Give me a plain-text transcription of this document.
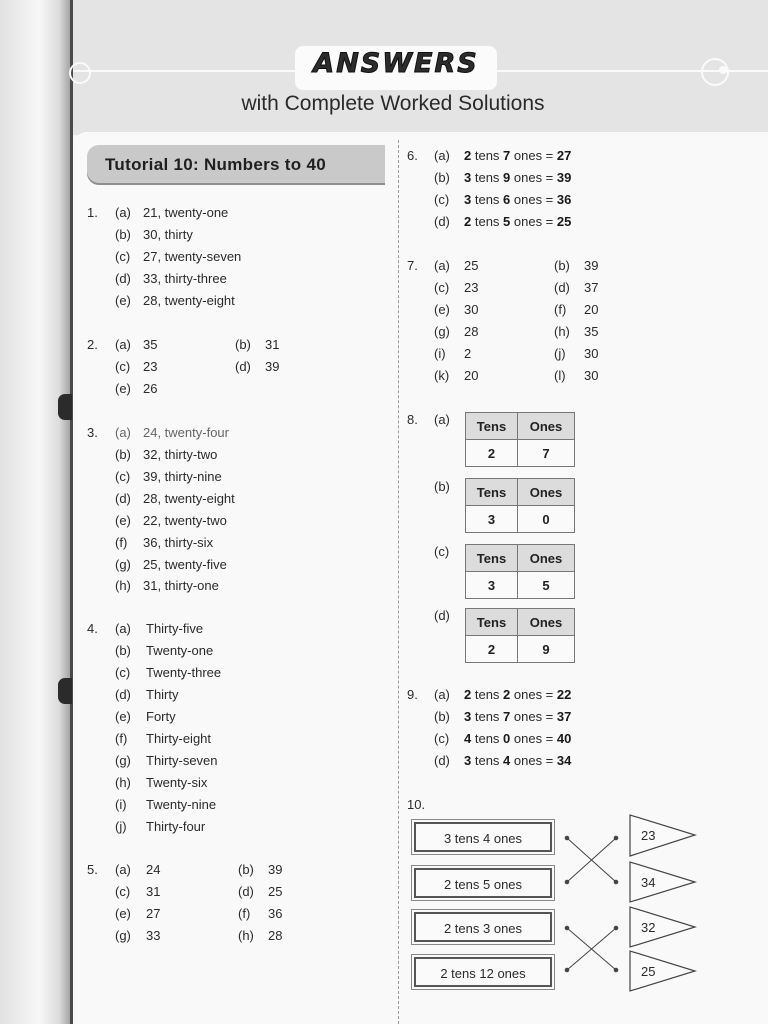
ANSWERS
with Complete Worked Solutions
Tutorial 10: Numbers to 40
1. (a) 21, twenty-one
(b) 30, thirty
(c) 27, twenty-seven
(d) 33, thirty-three
(e) 28, twenty-eight
2. (a) 35	(b) 31
(c) 23	(d) 39
(e) 26
3. (a) 24, twenty-four
(b) 32, thirty-two
(c) 39, thirty-nine
(d) 28, twenty-eight
(e) 22, twenty-two
(f) 36, thirty-six
(g) 25, twenty-five
(h) 31, thirty-one
4. (a) Thirty-five
(b) Twenty-one
(c) Twenty-three
(d) Thirty
(e) Forty
(f) Thirty-eight
(g) Thirty-seven
(h) Twenty-six
(i) Twenty-nine
(j) Thirty-four
5. (a) 24	(b) 39
(c) 31	(d) 25
(e) 27	(f) 36
(g) 33	(h) 28
6. (a) 2 tens 7 ones = 27
(b) 3 tens 9 ones = 39
(c) 3 tens 6 ones = 36
(d) 2 tens 5 ones = 25
7. (a) 25	(b) 39
(c) 23	(d) 37
(e) 30	(f) 20
(g) 28	(h) 35
(i) 2	(j) 30
(k) 20	(l) 30
8. (a) Tens	Ones
2	7
(b) Tens	Ones
3	0
(c) Tens	Ones
3	5
(d) Tens	Ones
2	9
9. (a) 2 tens 2 ones = 22
(b) 3 tens 7 ones = 37
(c) 4 tens 0 ones = 40
(d) 3 tens 4 ones = 34
10.
3 tens 4 ones
2 tens 5 ones
2 tens 3 ones
2 tens 12 ones
23
34
32
25
